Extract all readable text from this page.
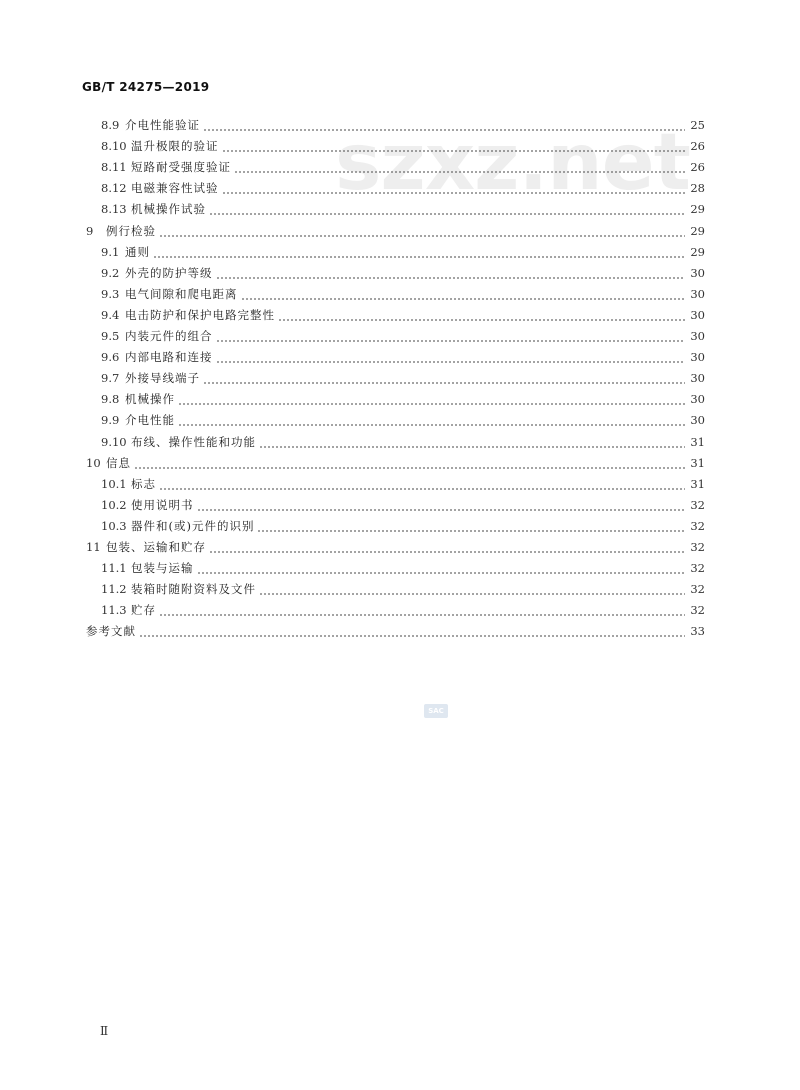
GB/T 24275—2019
8.9 介电性能验证	25
8.10 温升极限的验证	26
8.11 短路耐受强度验证	26
8.12 电磁兼容性试验	28
8.13 机械操作试验	29
9	例行检验	29
9.1 通则	29
9.2 外壳的防护等级	30
9.3 电气间隙和爬电距离	30
9.4 电击防护和保护电路完整性	30
9.5 内装元件的组合	30
9.6 内部电路和连接	30
9.7 外接导线端子	30
9.8 机械操作	30
9.9 介电性能	30
9.10 布线、操作性能和功能	31
10 信息	31
10.1 标志	31
10.2 使用说明书	32
10.3 器件和(或)元件的识别	32
11 包装、运输和贮存	32
11.1 包装与运输	32
11.2 装箱时随附资料及文件	32
11.3 贮存	32
参考文献	33
SAC
Ⅱ
